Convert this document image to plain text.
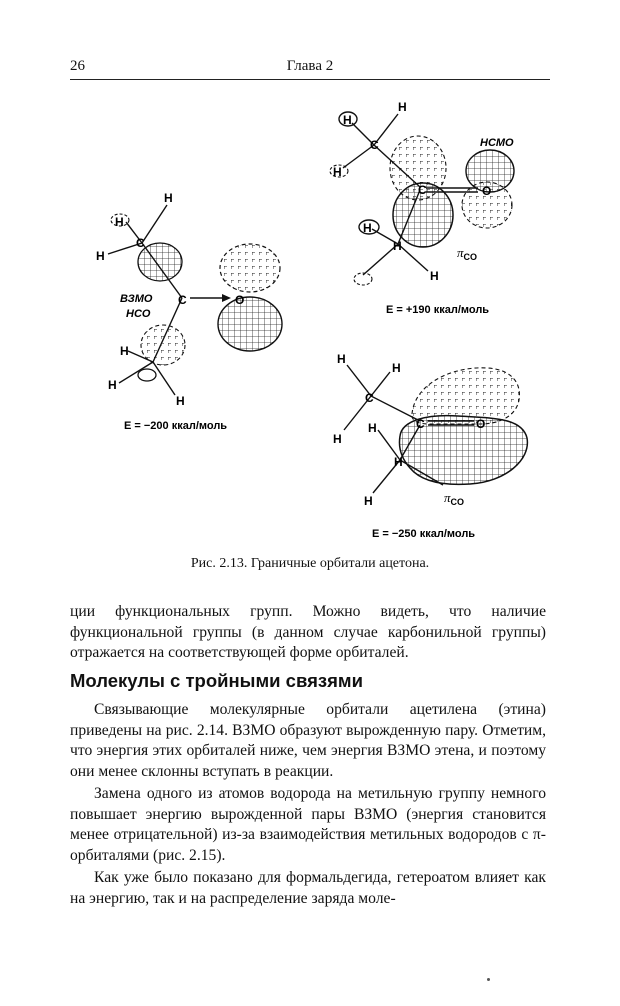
26	Глава 2
H
H
H
C
C	O
H
H
H
ВЗМО
НСО
E = −200 ккал/моль
H
H
H
C
C	O
H
H
H
НСМО
$\pi_{CO}$
E = +190 ккал/моль
H
H
H
C
C	O
H
H
H	$\pi_{CO}$
E = −250 ккал/моль
Рис. 2.13. Граничные орбитали ацетона.

ции функциональных групп. Можно видеть, что наличие функциональной группы (в данном случае карбонильной группы) отражается на соответствующей форме орбиталей.

Молекулы с тройными связями

Связывающие молекулярные орбитали ацетилена (этина) приведены на рис. 2.14. ВЗМО образуют вырожденную пару. Отметим, что энергия этих орбиталей ниже, чем энергия ВЗМО этена, и поэтому они менее склонны вступать в реакции.

Замена одного из атомов водорода на метильную группу немного повышает энергию вырожденной пары ВЗМО (энергия становится менее отрицательной) из-за взаимодействия метильных водородов с π-орбиталями (рис. 2.15).

Как уже было показано для формальдегида, гетероатом влияет как на энергию, так и на распределение заряда моле-
